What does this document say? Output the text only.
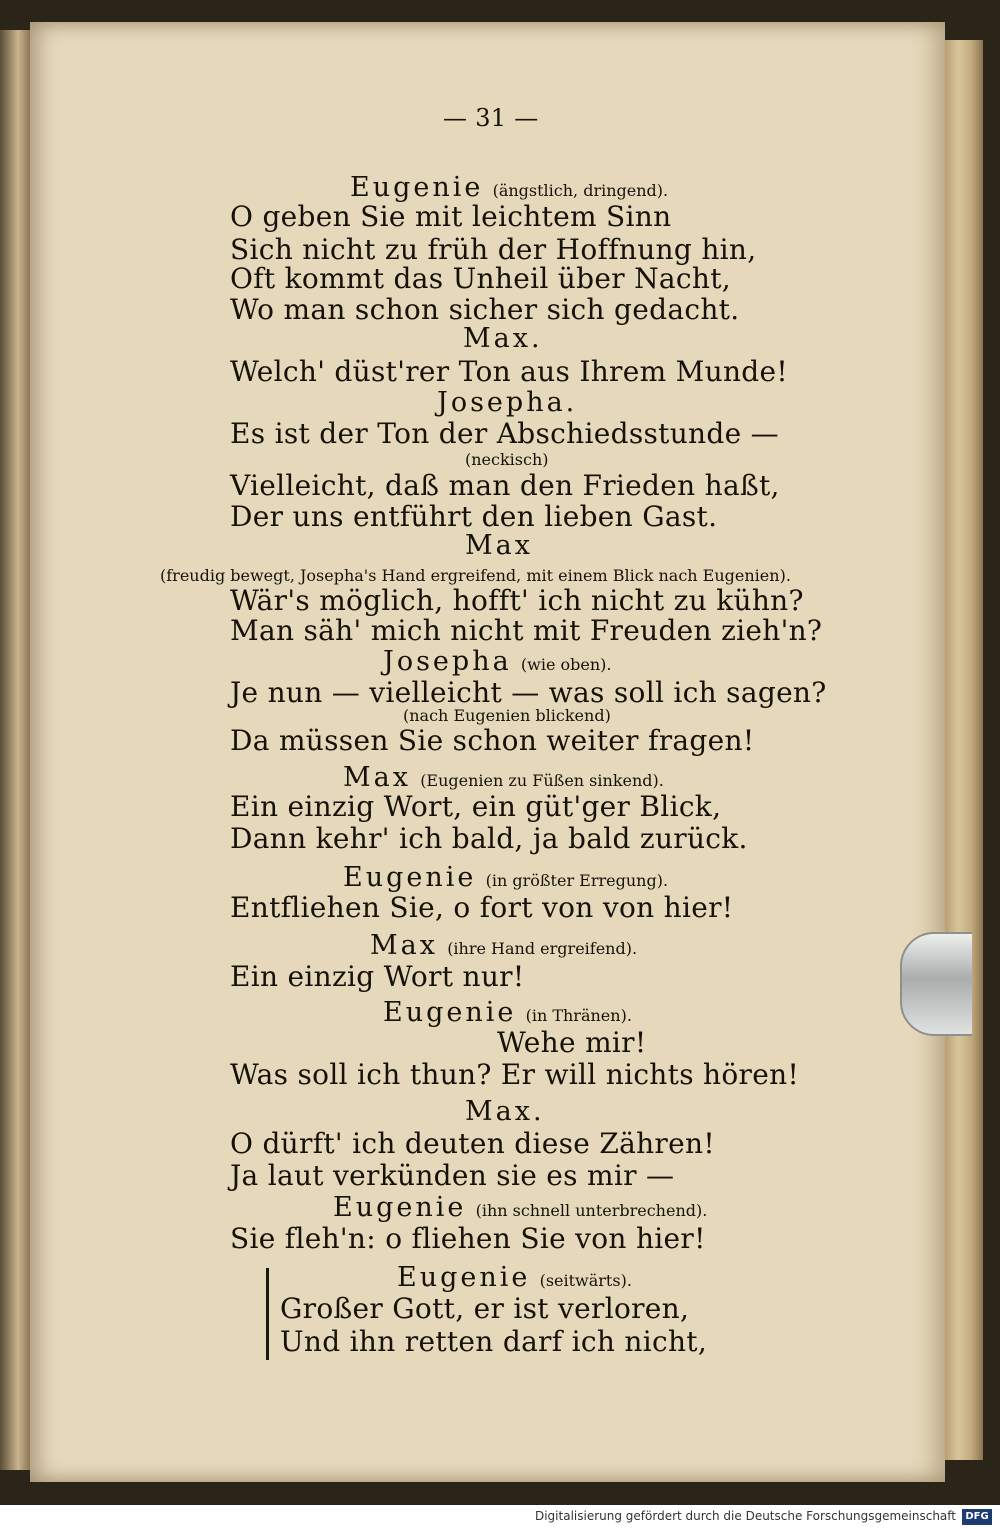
— 31 —
Eugenie (ängstlich, dringend).
O geben Sie mit leichtem Sinn
Sich nicht zu früh der Hoffnung hin,
Oft kommt das Unheil über Nacht,
Wo man schon sicher sich gedacht.
Max.
Welch' düst'rer Ton aus Ihrem Munde!
Josepha.
Es ist der Ton der Abschiedsstunde —
(neckisch)
Vielleicht, daß man den Frieden haßt,
Der uns entführt den lieben Gast.
Max
(freudig bewegt, Josepha's Hand ergreifend, mit einem Blick nach Eugenien).
Wär's möglich, hofft' ich nicht zu kühn?
Man säh' mich nicht mit Freuden zieh'n?
Josepha (wie oben).
Je nun — vielleicht — was soll ich sagen?
(nach Eugenien blickend)
Da müssen Sie schon weiter fragen!
Max (Eugenien zu Füßen sinkend).
Ein einzig Wort, ein güt'ger Blick,
Dann kehr' ich bald, ja bald zurück.
Eugenie (in größter Erregung).
Entfliehen Sie, o fort von von hier!
Max (ihre Hand ergreifend).
Ein einzig Wort nur!
Eugenie (in Thränen).
Wehe mir!
Was soll ich thun? Er will nichts hören!
Max.
O dürft' ich deuten diese Zähren!
Ja laut verkünden sie es mir —
Eugenie (ihn schnell unterbrechend).
Sie fleh'n: o fliehen Sie von hier!
Eugenie (seitwärts).
Großer Gott, er ist verloren,
Und ihn retten darf ich nicht,
Digitalisierung gefördert durch die Deutsche Forschungsgemeinschaft DFG
